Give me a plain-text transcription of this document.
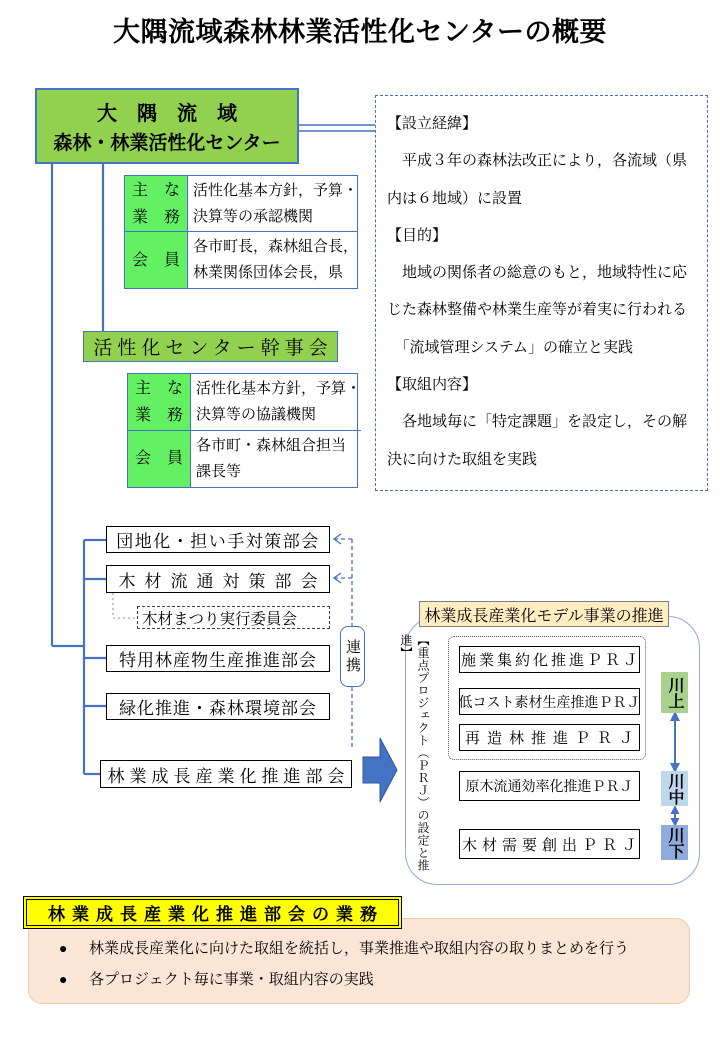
大隅流域森林林業活性化センターの概要
大　隅　流　域
森林・林業活性化センター
主　な
業　務
活性化基本方針，予算・
決算等の承認機関
会　員
各市町長，森林組合長，
林業関係団体会長，県
【設立経緯】
　平成３年の森林法改正により，各流域（県
内は６地域）に設置
【目的】
　地域の関係者の総意のもと，地域特性に応
じた森林整備や林業生産等が着実に行われる
　「流域管理システム」の確立と実践
【取組内容】
　各地域毎に「特定課題」を設定し，その解
決に向けた取組を実践
活性化センター幹事会
主　な
業　務
活性化基本方針，予算・
決算等の協議機関
会　員
各市町・森林組合担当
課長等
団地化・担い手対策部会
木材流通対策部会
木材まつり実行委員会
特用林産物生産推進部会
緑化推進・森林環境部会
林業成長産業化推進部会
連携
林業成長産業化モデル事業の推進
【重点プロジェクト（ＰＲＪ）の設定と推進】
施業集約化推進ＰＲＪ
低コスト素材生産推進ＰＲＪ
再造林推進ＰＲＪ
原木流通効率化推進ＰＲＪ
木材需要創出ＰＲＪ
川上
川中
川下
林業成長産業化推進部会の業務
●	林業成長産業化に向けた取組を統括し，事業推進や取組内容の取りまとめを行う
●	各プロジェクト毎に事業・取組内容の実践
